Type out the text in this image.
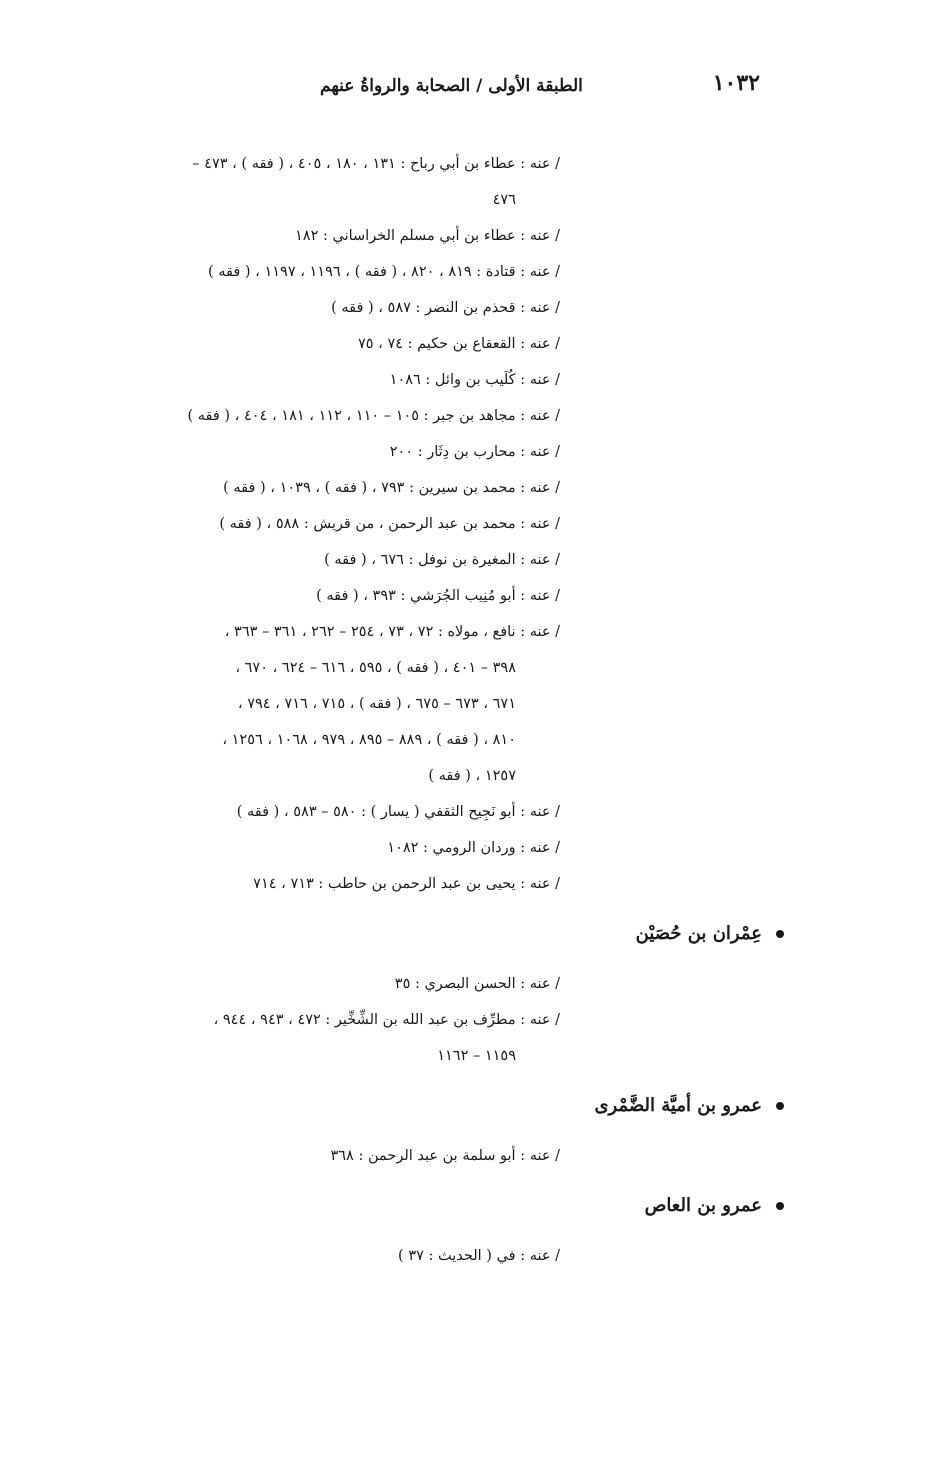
١٠٣٢
الطبقة الأولى / الصحابة والرواةُ عنهم
/ عنه : عطاء بن أبي رباح : ١٣١ ، ١٨٠ ، ٤٠٥ ، ( فقه ) ، ٤٧٣ –
٤٧٦
/ عنه : عطاء بن أبي مسلم الخراساني : ١٨٢
/ عنه : قتادة : ٨١٩ ، ٨٢٠ ، ( فقه ) ، ١١٩٦ ، ١١٩٧ ، ( فقه )
/ عنه : قحذم بن النضر : ٥٨٧ ، ( فقه )
/ عنه : القعقاع بن حكيم : ٧٤ ، ٧٥
/ عنه : كُلَيب بن وائل : ١٠٨٦
/ عنه : مجاهد بن جبر : ١٠٥ – ١١٠ ، ١١٢ ، ١٨١ ، ٤٠٤ ، ( فقه )
/ عنه : محارب بن دِثَار : ٢٠٠
/ عنه : محمد بن سيرين : ٧٩٣ ، ( فقه ) ، ١٠٣٩ ، ( فقه )
/ عنه : محمد بن عبد الرحمن ، من قريش : ٥٨٨ ، ( فقه )
/ عنه : المغيرة بن نوفل : ٦٧٦ ، ( فقه )
/ عنه : أبو مُنِيب الجُرَشي : ٣٩٣ ، ( فقه )
/ عنه : نافع ، مولاه : ٧٢ ، ٧٣ ، ٢٥٤ – ٢٦٢ ، ٣٦١ – ٣٦٣ ،
٣٩٨ – ٤٠١ ، ( فقه ) ، ٥٩٥ ، ٦١٦ – ٦٢٤ ، ٦٧٠ ،
٦٧١ ، ٦٧٣ – ٦٧٥ ، ( فقه ) ، ٧١٥ ، ٧١٦ ، ٧٩٤ ،
٨١٠ ، ( فقه ) ، ٨٨٩ – ٨٩٥ ، ٩٧٩ ، ١٠٦٨ ، ١٢٥٦ ،
١٢٥٧ ، ( فقه )
/ عنه : أبو نَجِيح الثقفي ( يسار ) : ٥٨٠ – ٥٨٣ ، ( فقه )
/ عنه : وردان الرومي : ١٠٨٢
/ عنه : يحيى بن عبد الرحمن بن حاطب : ٧١٣ ، ٧١٤
عِمْران بن حُصَيْن
/ عنه : الحسن البصري : ٣٥
/ عنه : مطرِّف بن عبد الله بن الشِّخِّير : ٤٧٢ ، ٩٤٣ ، ٩٤٤ ،
١١٥٩ – ١١٦٢
عمرو بن أميَّة الضَّمْرى
/ عنه : أبو سلمة بن عبد الرحمن : ٣٦٨
عمرو بن العاص
/ عنه : في ( الحديث : ٣٧ )
